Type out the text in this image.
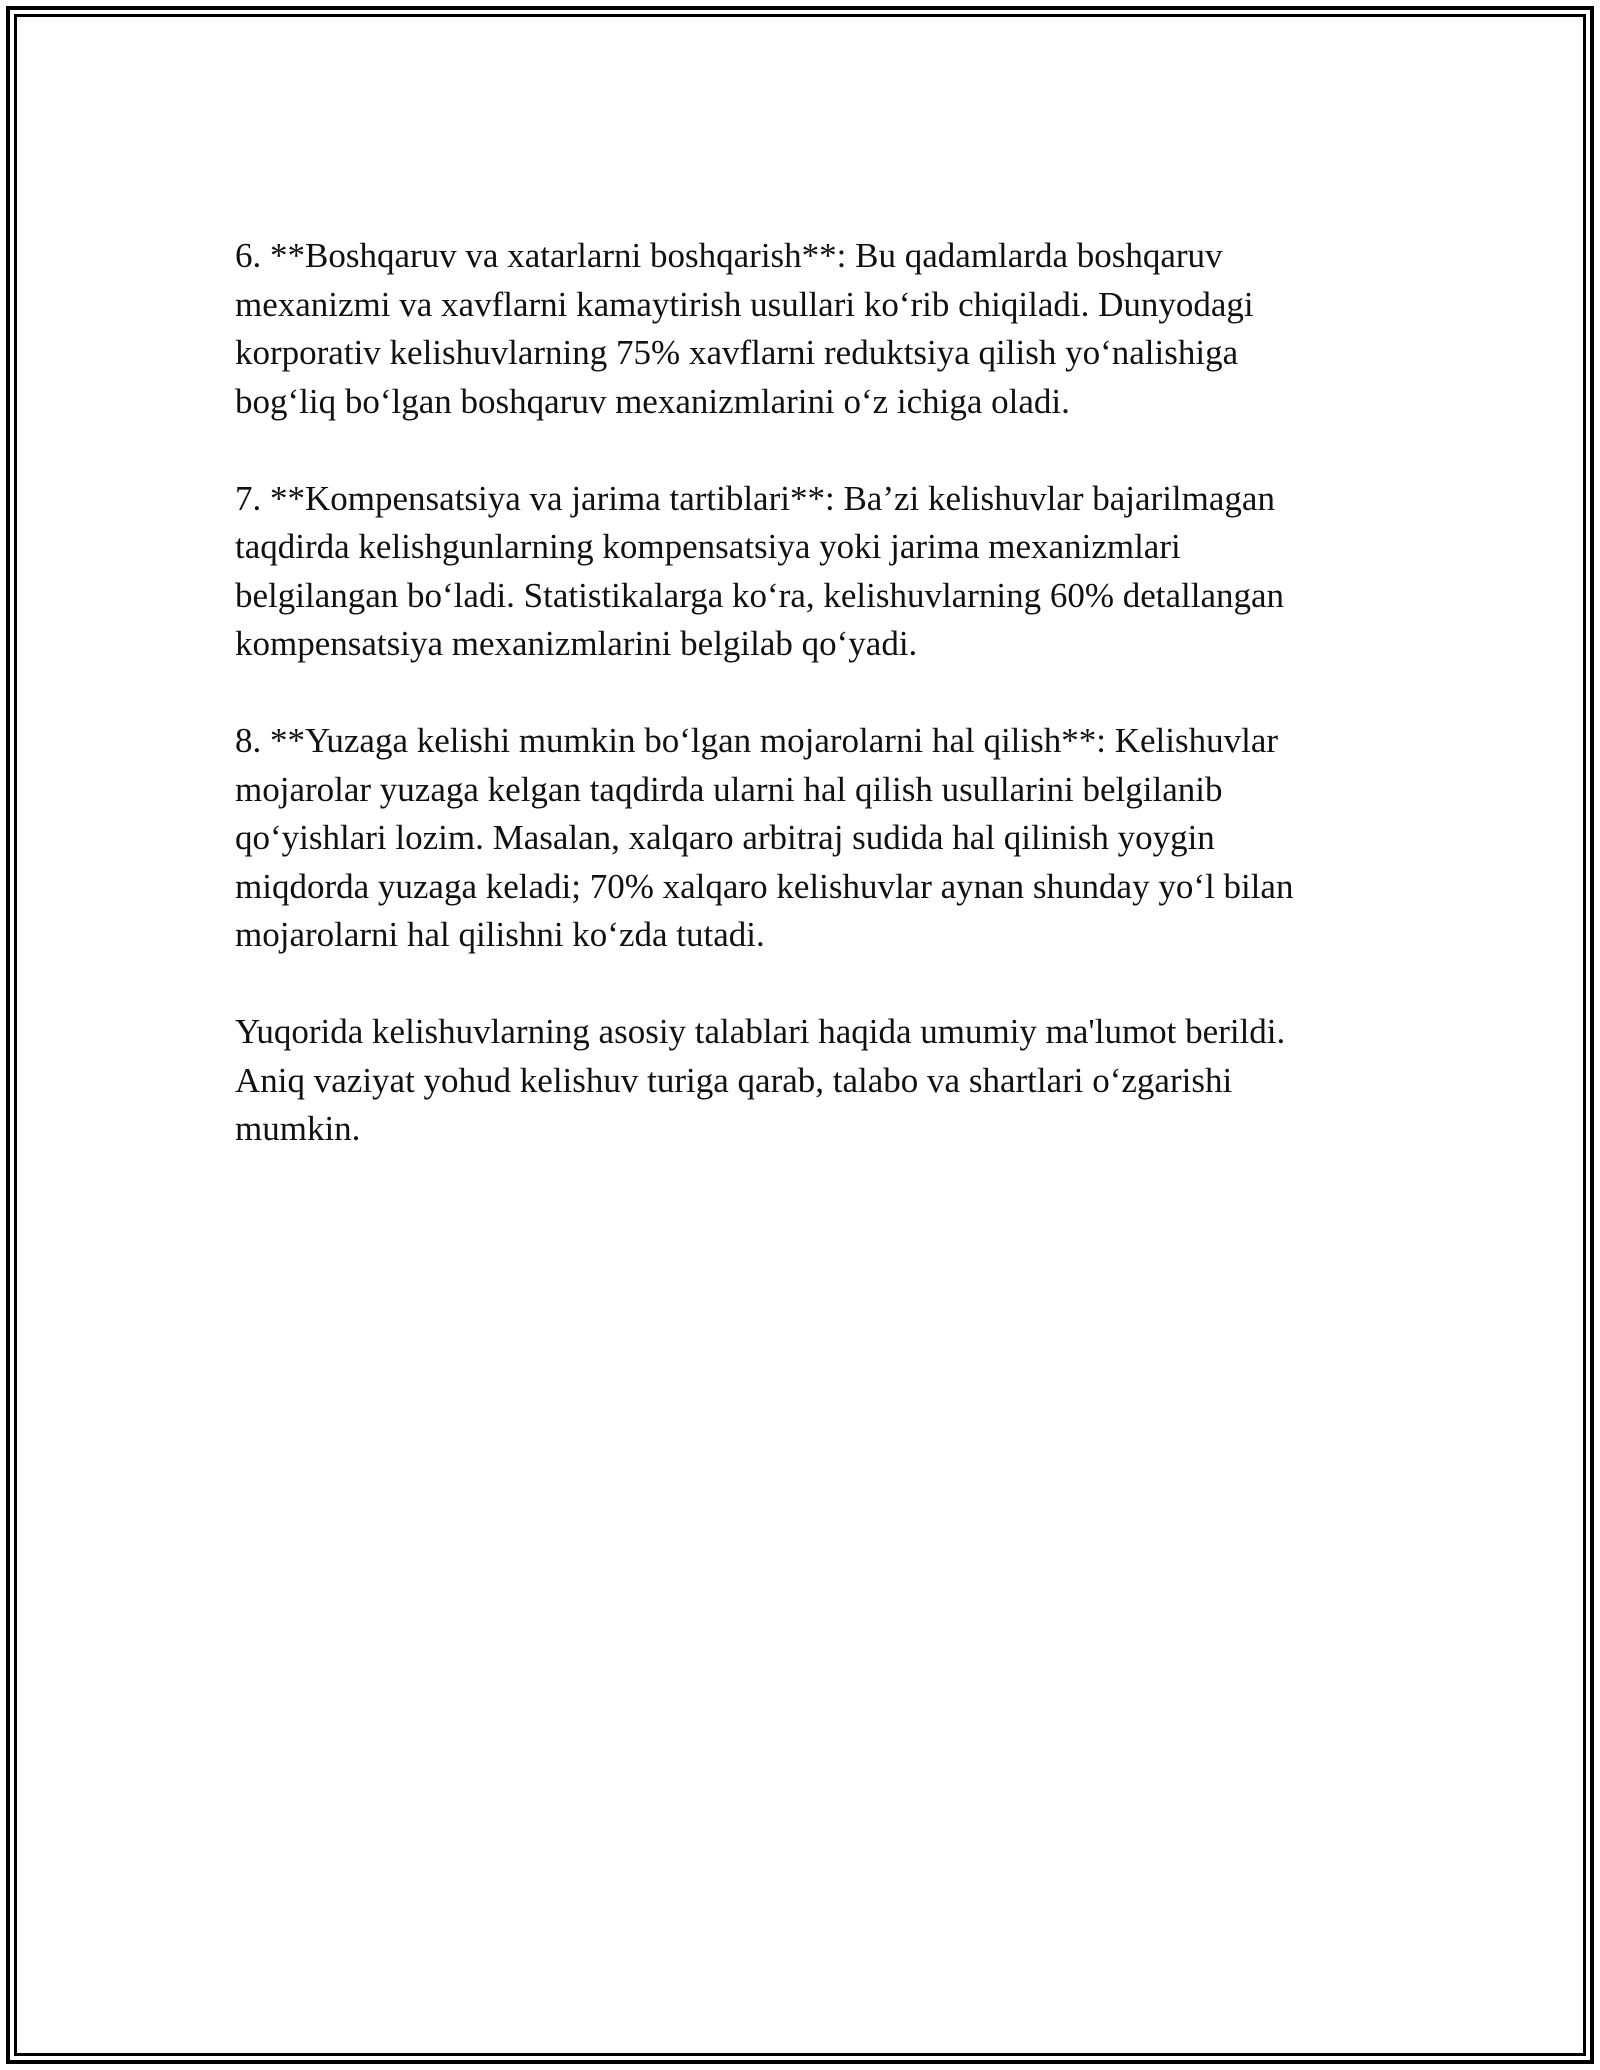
6. **Boshqaruv va xatarlarni boshqarish**: Bu qadamlarda boshqaruv
mexanizmi va xavflarni kamaytirish usullari koʻrib chiqiladi. Dunyodagi
korporativ kelishuvlarning 75% xavflarni reduktsiya qilish yoʻnalishiga
bogʻliq boʻlgan boshqaruv mexanizmlarini oʻz ichiga oladi.

7. **Kompensatsiya va jarima tartiblari**: Ba’zi kelishuvlar bajarilmagan
taqdirda kelishgunlarning kompensatsiya yoki jarima mexanizmlari
belgilangan boʻladi. Statistikalarga koʻra, kelishuvlarning 60% detallangan
kompensatsiya mexanizmlarini belgilab qoʻyadi.

8. **Yuzaga kelishi mumkin boʻlgan mojarolarni hal qilish**: Kelishuvlar
mojarolar yuzaga kelgan taqdirda ularni hal qilish usullarini belgilanib
qoʻyishlari lozim. Masalan, xalqaro arbitraj sudida hal qilinish yoygin
miqdorda yuzaga keladi; 70% xalqaro kelishuvlar aynan shunday yoʻl bilan
mojarolarni hal qilishni koʻzda tutadi.

Yuqorida kelishuvlarning asosiy talablari haqida umumiy ma'lumot berildi.
Aniq vaziyat yohud kelishuv turiga qarab, talabo va shartlari oʻzgarishi
mumkin.
